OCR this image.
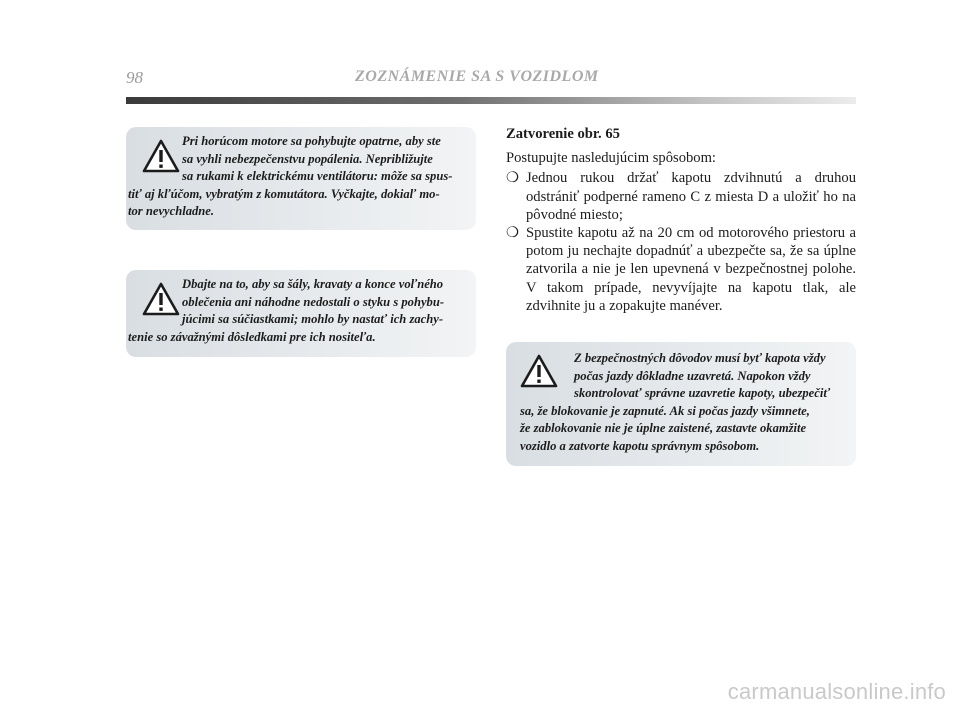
98	ZOZNÁMENIE SA S VOZIDLOM

Pri horúcom motore sa pohybujte opatrne, aby ste
sa vyhli nebezpečenstvu popálenia. Nepribližujte
sa rukami k elektrickému ventilátoru: môže sa spus-
tiť aj kľúčom, vybratým z komutátora. Vyčkajte, dokiaľ mo-
tor nevychladne.

Dbajte na to, aby sa šály, kravaty a konce voľného
oblečenia ani náhodne nedostali o styku s pohybu-
júcimi sa súčiastkami; mohlo by nastať ich zachy-
tenie so závažnými dôsledkami pre ich nositeľa.

Zatvorenie obr. 65

Postupujte nasledujúcim spôsobom:

❍ Jednou rukou držať kapotu zdvihnutú a druhou odstrániť podperné rameno C z miesta D a uložiť ho na pôvodné miesto;
❍ Spustite kapotu až na 20 cm od motorového priestoru a potom ju nechajte dopadnúť a ubezpečte sa, že sa úplne zatvorila a nie je len upevnená v bezpečnostnej polohe. V takom prípade, nevyvíjajte na kapotu tlak, ale zdvihnite ju a zopakujte manéver.

Z bezpečnostných dôvodov musí byť kapota vždy
počas jazdy dôkladne uzavretá. Napokon vždy
skontrolovať správne uzavretie kapoty, ubezpečiť
sa, že blokovanie je zapnuté. Ak si počas jazdy všimnete,
že zablokovanie nie je úplne zaistené, zastavte okamžite
vozidlo a zatvorte kapotu správnym spôsobom.

carmanualsonline.info
